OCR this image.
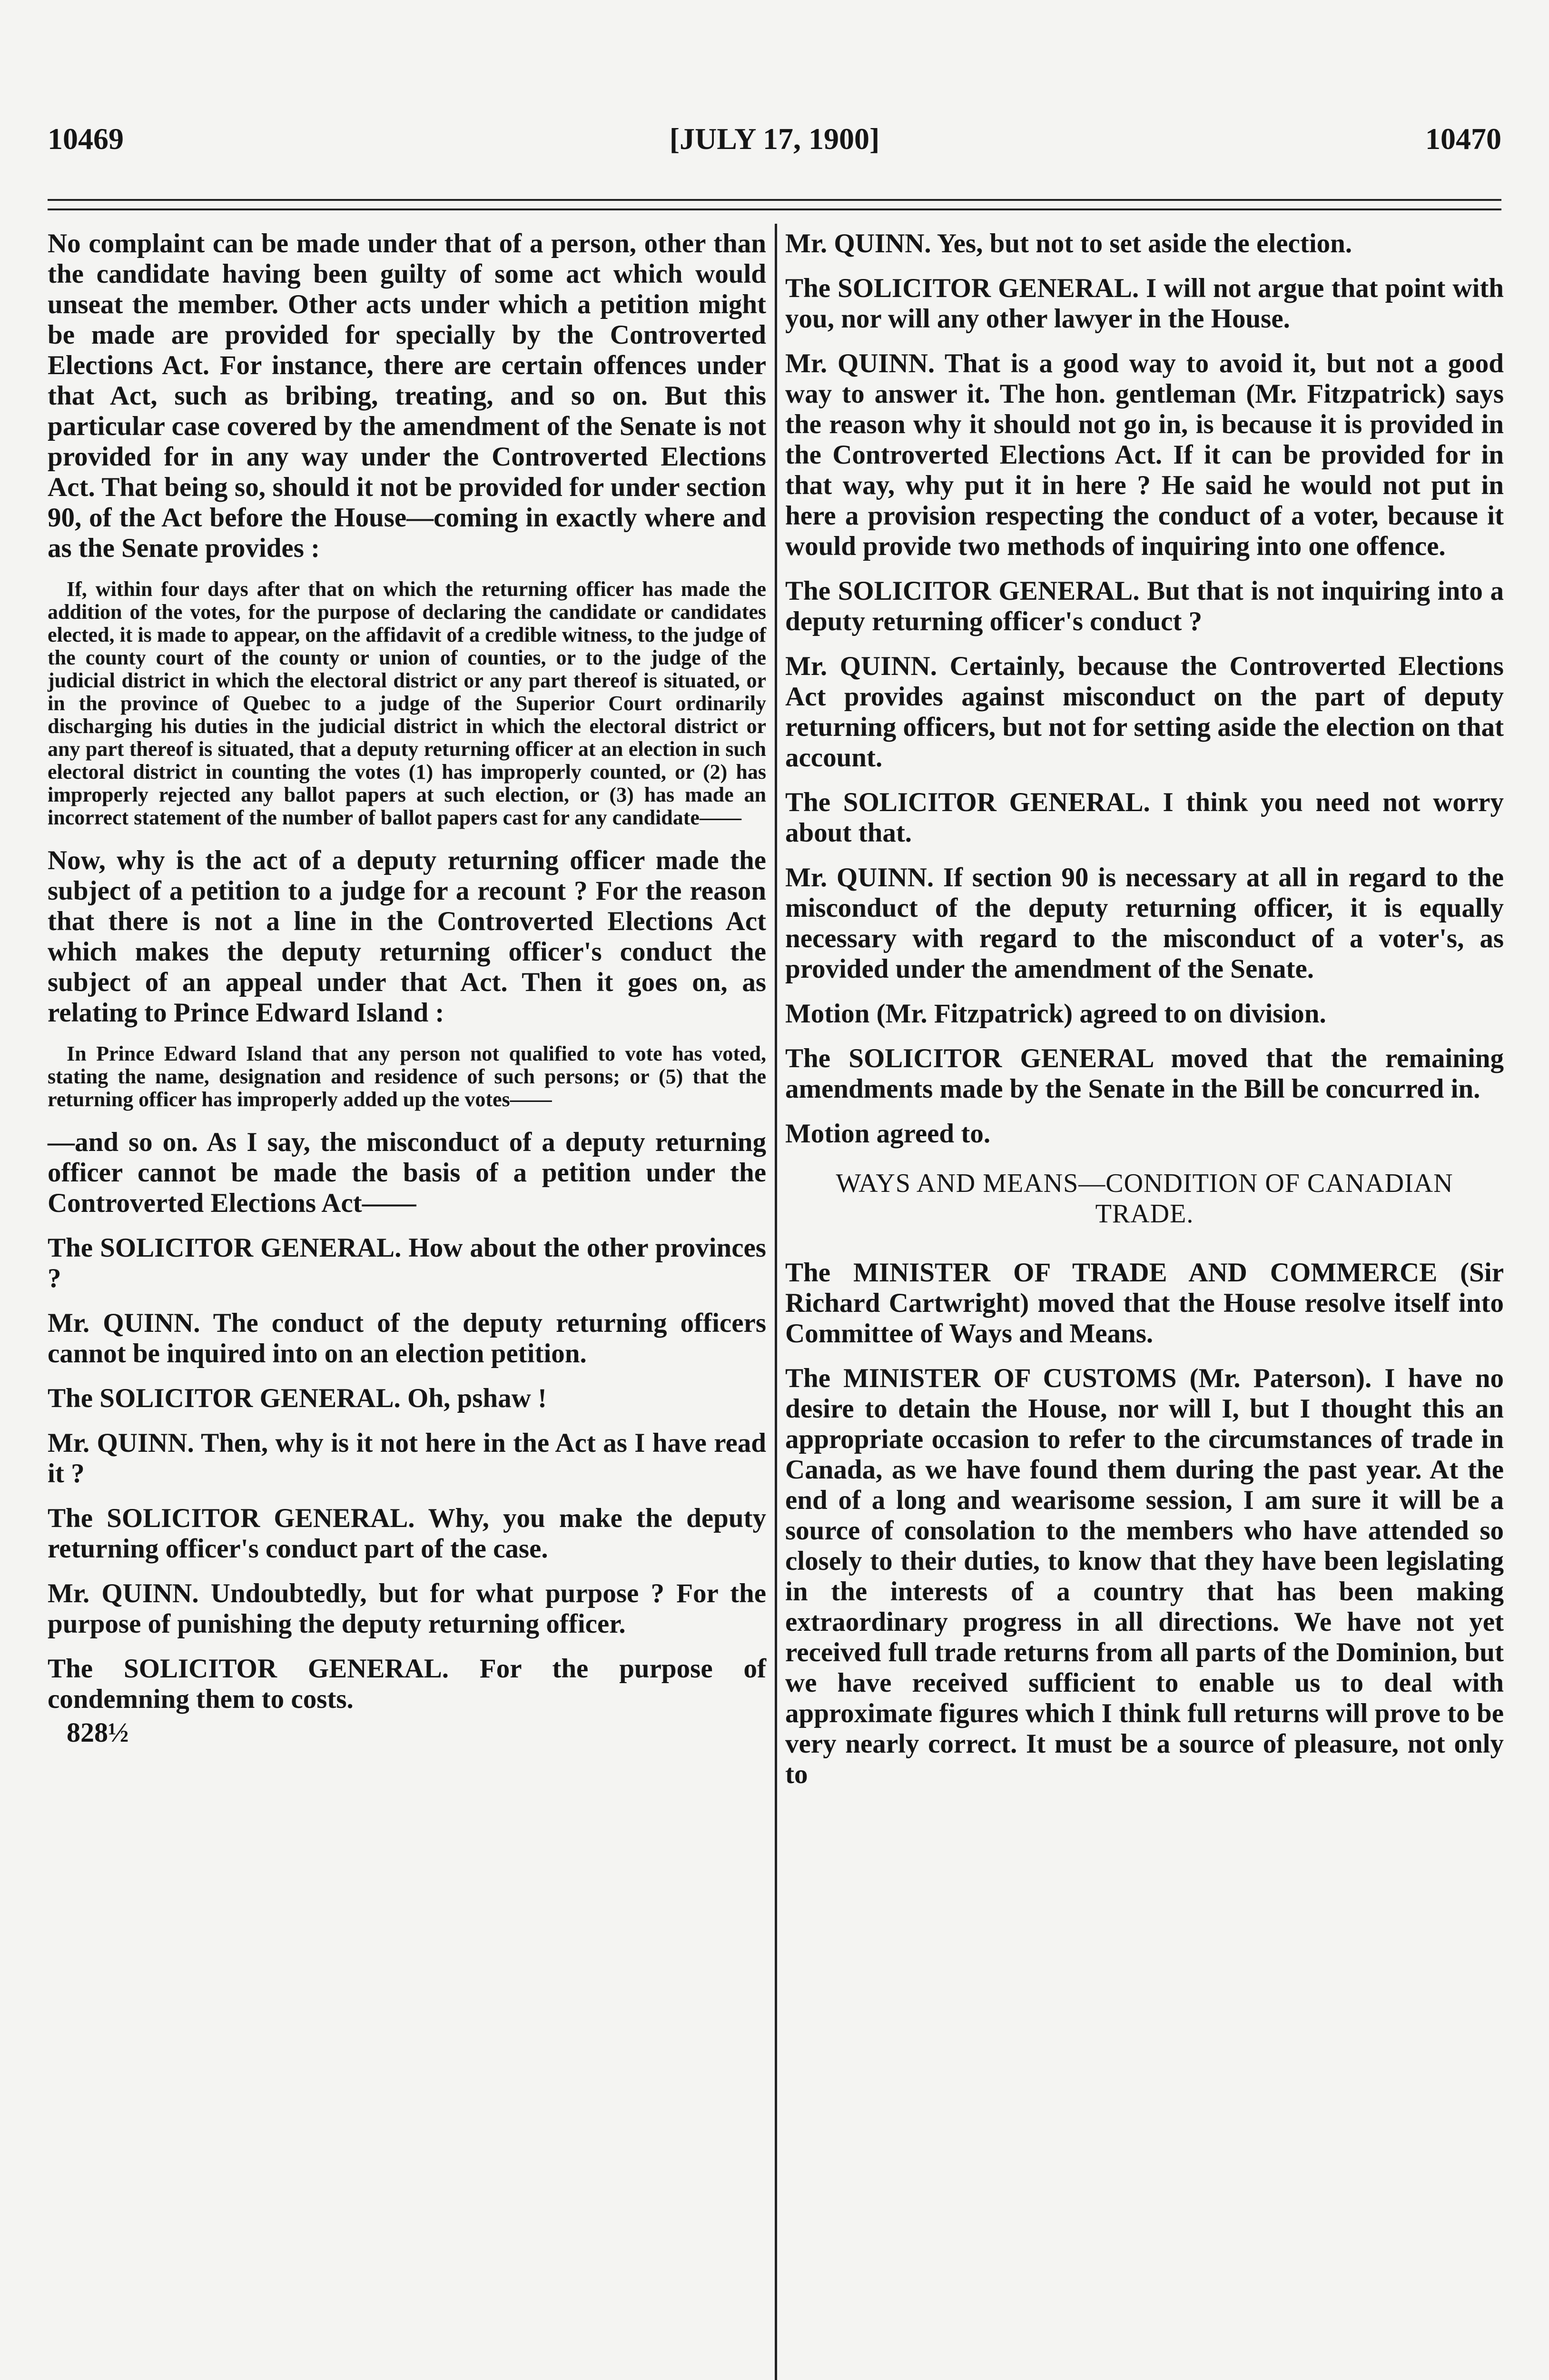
10469	[JULY 17, 1900]	10470

No complaint can be made under that of a person, other than the candidate having been guilty of some act which would unseat the member. Other acts under which a petition might be made are provided for specially by the Controverted Elections Act. For instance, there are certain offences under that Act, such as bribing, treating, and so on. But this particular case covered by the amendment of the Senate is not provided for in any way under the Controverted Elections Act. That being so, should it not be provided for under section 90, of the Act before the House—coming in exactly where and as the Senate provides :

If, within four days after that on which the returning officer has made the addition of the votes, for the purpose of declaring the candidate or candidates elected, it is made to appear, on the affidavit of a credible witness, to the judge of the county court of the county or union of counties, or to the judge of the judicial district in which the electoral district or any part thereof is situated, or in the province of Quebec to a judge of the Superior Court ordinarily discharging his duties in the judicial district in which the electoral district or any part thereof is situated, that a deputy returning officer at an election in such electoral district in counting the votes (1) has improperly counted, or (2) has improperly rejected any ballot papers at such election, or (3) has made an incorrect statement of the number of ballot papers cast for any candidate——

Now, why is the act of a deputy returning officer made the subject of a petition to a judge for a recount ? For the reason that there is not a line in the Controverted Elections Act which makes the deputy returning officer's conduct the subject of an appeal under that Act. Then it goes on, as relating to Prince Edward Island :

In Prince Edward Island that any person not qualified to vote has voted, stating the name, designation and residence of such persons; or (5) that the returning officer has improperly added up the votes——

—and so on. As I say, the misconduct of a deputy returning officer cannot be made the basis of a petition under the Controverted Elections Act——

The SOLICITOR GENERAL. How about the other provinces ?

Mr. QUINN. The conduct of the deputy returning officers cannot be inquired into on an election petition.

The SOLICITOR GENERAL. Oh, pshaw !

Mr. QUINN. Then, why is it not here in the Act as I have read it ?

The SOLICITOR GENERAL. Why, you make the deputy returning officer's conduct part of the case.

Mr. QUINN. Undoubtedly, but for what purpose ? For the purpose of punishing the deputy returning officer.

The SOLICITOR GENERAL. For the purpose of condemning them to costs.

828½

Mr. QUINN. Yes, but not to set aside the election.

The SOLICITOR GENERAL. I will not argue that point with you, nor will any other lawyer in the House.

Mr. QUINN. That is a good way to avoid it, but not a good way to answer it. The hon. gentleman (Mr. Fitzpatrick) says the reason why it should not go in, is because it is provided in the Controverted Elections Act. If it can be provided for in that way, why put it in here ? He said he would not put in here a provision respecting the conduct of a voter, because it would provide two methods of inquiring into one offence.

The SOLICITOR GENERAL. But that is not inquiring into a deputy returning officer's conduct ?

Mr. QUINN. Certainly, because the Controverted Elections Act provides against misconduct on the part of deputy returning officers, but not for setting aside the election on that account.

The SOLICITOR GENERAL. I think you need not worry about that.

Mr. QUINN. If section 90 is necessary at all in regard to the misconduct of the deputy returning officer, it is equally necessary with regard to the misconduct of a voter's, as provided under the amendment of the Senate.

Motion (Mr. Fitzpatrick) agreed to on division.

The SOLICITOR GENERAL moved that the remaining amendments made by the Senate in the Bill be concurred in.

Motion agreed to.

WAYS AND MEANS—CONDITION OF CANADIAN TRADE.

The MINISTER OF TRADE AND COMMERCE (Sir Richard Cartwright) moved that the House resolve itself into Committee of Ways and Means.

The MINISTER OF CUSTOMS (Mr. Paterson). I have no desire to detain the House, nor will I, but I thought this an appropriate occasion to refer to the circumstances of trade in Canada, as we have found them during the past year. At the end of a long and wearisome session, I am sure it will be a source of consolation to the members who have attended so closely to their duties, to know that they have been legislating in the interests of a country that has been making extraordinary progress in all directions. We have not yet received full trade returns from all parts of the Dominion, but we have received sufficient to enable us to deal with approximate figures which I think full returns will prove to be very nearly correct. It must be a source of pleasure, not only to
